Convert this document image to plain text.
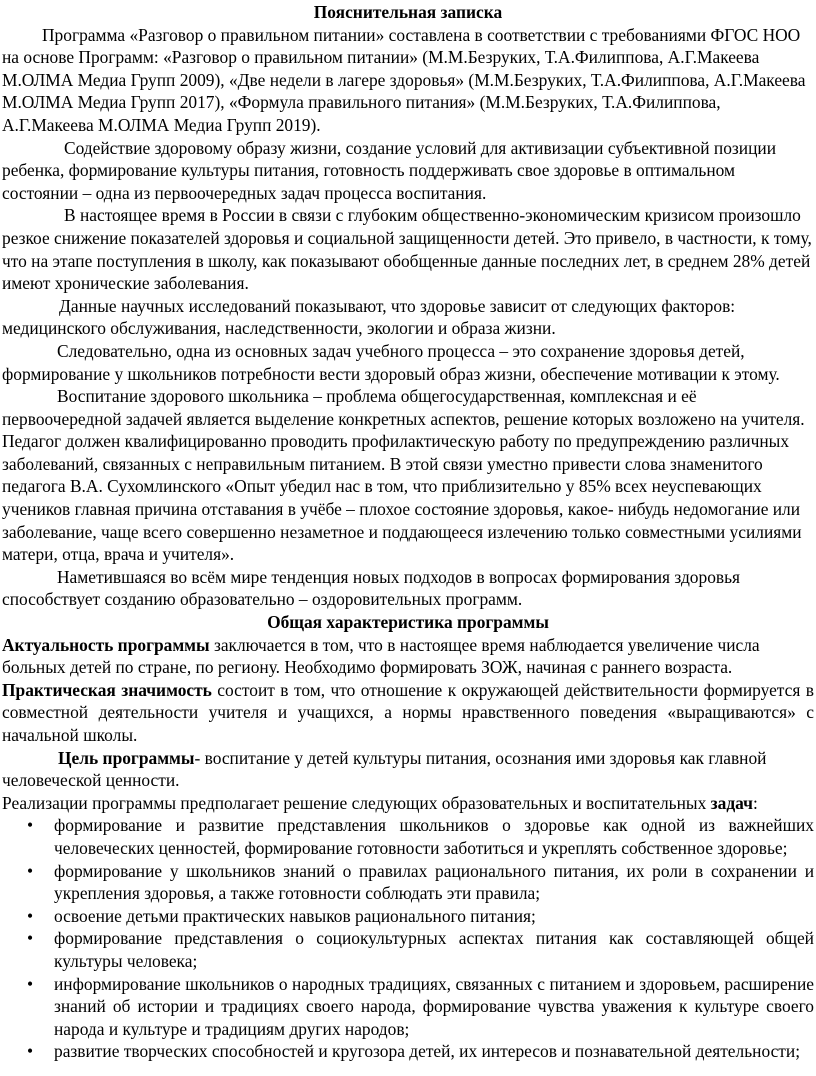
Пояснительная записка

Программа «Разговор о правильном питании» составлена в соответствии с требованиями ФГОС НОО на основе Программ: «Разговор о правильном питании» (М.М.Безруких, Т.А.Филиппова, А.Г.Макеева М.ОЛМА Медиа Групп 2009), «Две недели в лагере здоровья» (М.М.Безруких, Т.А.Филиппова, А.Г.Макеева М.ОЛМА Медиа Групп 2017), «Формула правильного питания» (М.М.Безруких, Т.А.Филиппова, А.Г.Макеева М.ОЛМА Медиа Групп 2019).

Содействие здоровому образу жизни, создание условий для активизации субъективной позиции ребенка, формирование культуры питания, готовность поддерживать свое здоровье в оптимальном состоянии – одна из первоочередных задач процесса воспитания.

В настоящее время в России в связи с глубоким общественно-экономическим кризисом произошло резкое снижение показателей здоровья и социальной защищенности детей. Это привело, в частности, к тому, что на этапе поступления в школу, как показывают обобщенные данные последних лет, в среднем 28% детей имеют хронические заболевания.

Данные научных исследований показывают, что здоровье зависит от следующих факторов: медицинского обслуживания, наследственности, экологии и образа жизни.

Следовательно, одна из основных задач учебного процесса – это сохранение здоровья детей, формирование у школьников потребности вести здоровый образ жизни, обеспечение мотивации к этому.

Воспитание здорового школьника – проблема общегосударственная, комплексная и её первоочередной задачей является выделение конкретных аспектов, решение которых возложено на учителя. Педагог должен квалифицированно проводить профилактическую работу по предупреждению различных заболеваний, связанных с неправильным питанием. В этой связи уместно привести слова знаменитого педагога В.А. Сухомлинского «Опыт убедил нас в том, что приблизительно у 85% всех неуспевающих учеников главная причина отставания в учёбе – плохое состояние здоровья, какое- нибудь недомогание или заболевание, чаще всего совершенно незаметное и поддающееся излечению только совместными усилиями матери, отца, врача и учителя».

Наметившаяся во всём мире тенденция новых подходов в вопросах формирования здоровья способствует созданию образовательно – оздоровительных программ.

Общая характеристика программы

Актуальность программы заключается в том, что в настоящее время наблюдается увеличение числа больных детей по стране, по региону. Необходимо формировать ЗОЖ, начиная с раннего возраста.

Практическая значимость состоит в том, что отношение к окружающей действительности формируется в совместной деятельности учителя и учащихся, а нормы нравственного поведения «выращиваются» с начальной школы.

Цель программы- воспитание у детей культуры питания, осознания ими здоровья как главной человеческой ценности.

Реализации программы предполагает решение следующих образовательных и воспитательных задач:

• формирование и развитие представления школьников о здоровье как одной из важнейших человеческих ценностей, формирование готовности заботиться и укреплять собственное здоровье;
• формирование у школьников знаний о правилах рационального питания, их роли в сохранении и укрепления здоровья, а также готовности соблюдать эти правила;
• освоение детьми практических навыков рационального питания;
• формирование представления о социокультурных аспектах питания как составляющей общей культуры человека;
• информирование школьников о народных традициях, связанных с питанием и здоровьем, расширение знаний об истории и традициях своего народа, формирование чувства уважения к культуре своего народа и культуре и традициям других народов;
• развитие творческих способностей и кругозора детей, их интересов и познавательной деятельности;
